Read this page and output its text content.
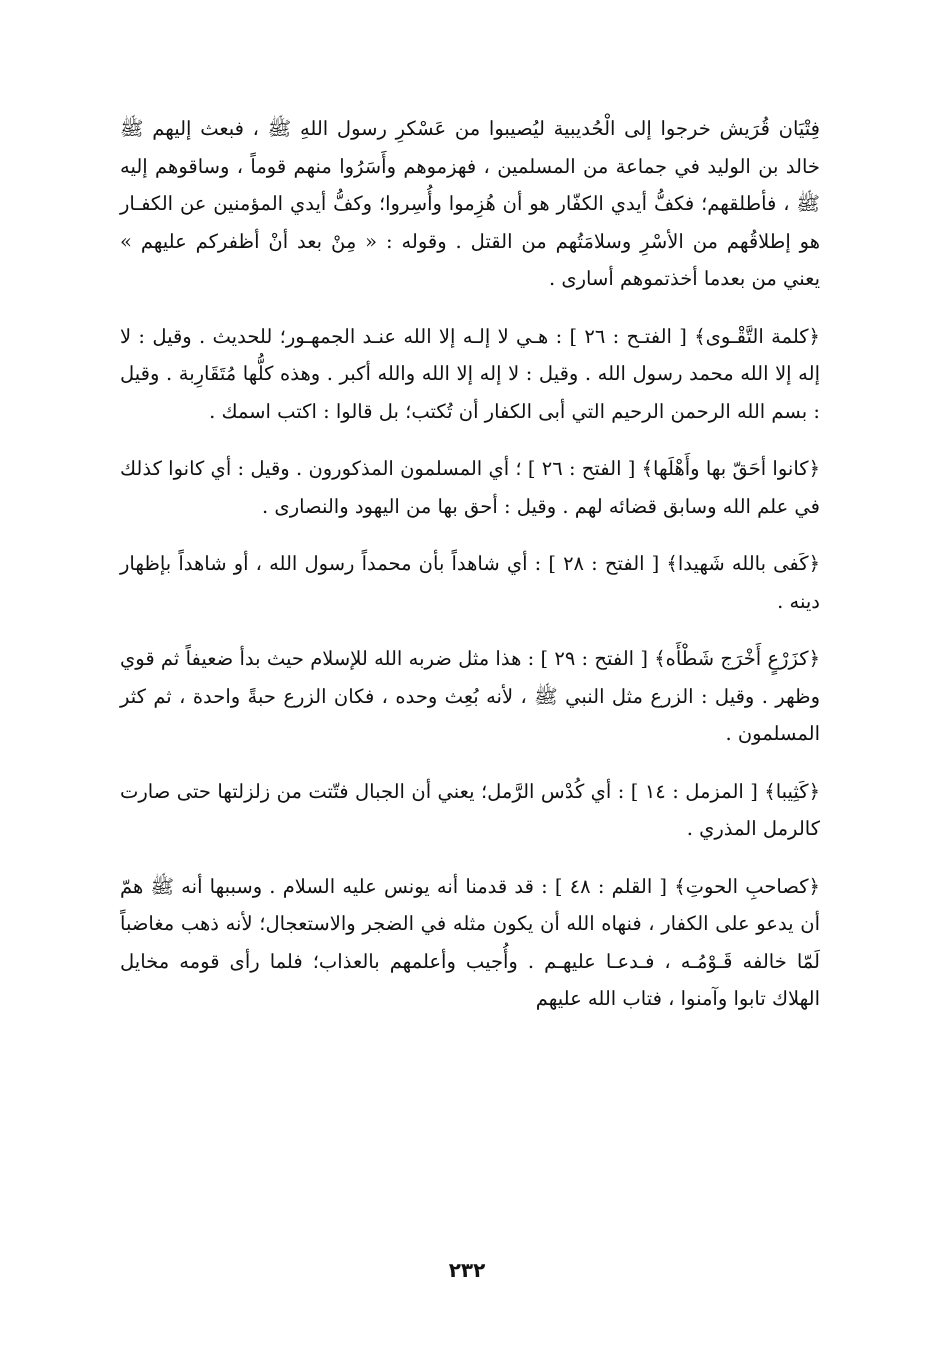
فِتْيَان قُرَيش خرجوا إلى الْحُديبية ليُصيبوا من عَسْكرِ رسول اللهِ ﷺ ، فبعث إليهم ﷺ خالد بن الوليد في جماعة من المسلمين ، فهزموهم وأَسَرُوا منهم قوماً ، وساقوهم إليه ﷺ ، فأطلقهم؛ فكفُّ أيدي الكفّار هو أن هُزِموا وأُسِروا؛ وكفُّ أيدي المؤمنين عن الكفـار هو إطلاقُهم من الأسْرِ وسلامَتُهم من القتل . وقوله : « مِنْ بعد أنْ أظفركم عليهم » يعني من بعدما أخذتموهم أسارى .

﴿كلمة التَّقْـوى﴾ [ الفتـح : ٢٦ ] : هـي لا إلـه إلا الله عنـد الجمهـور؛ للحديث . وقيل : لا إله إلا الله محمد رسول الله . وقيل : لا إله إلا الله والله أكبر . وهذه كلُّها مُتَقَارِبة . وقيل : بسم الله الرحمن الرحيم التي أبى الكفار أن تُكتب؛ بل قالوا : اكتب اسمك .

﴿كانوا أحَقّ بها وأَهْلَها﴾ [ الفتح : ٢٦ ] ؛ أي المسلمون المذكورون . وقيل : أي كانوا كذلك في علم الله وسابق قضائه لهم . وقيل : أحق بها من اليهود والنصارى .

﴿كَفى بالله شَهيدا﴾ [ الفتح : ٢٨ ] : أي شاهداً بأن محمداً رسول الله ، أو شاهداً بإظهار دينه .

﴿كزَرْعٍ أَخْرَج شَطْأَه﴾ [ الفتح : ٢٩ ] : هذا مثل ضربه الله للإسلام حيث بدأ ضعيفاً ثم قوي وظهر . وقيل : الزرع مثل النبي ﷺ ، لأنه بُعِث وحده ، فكان الزرع حبةً واحدة ، ثم كثر المسلمون .

﴿كَثِيبا﴾ [ المزمل : ١٤ ] : أي كُدْس الرَّمل؛ يعني أن الجبال فتّتت من زلزلتها حتى صارت كالرمل المذري .

﴿كصاحبِ الحوتِ﴾ [ القلم : ٤٨ ] : قد قدمنا أنه يونس عليه السلام . وسببها أنه ﷺ همّ أن يدعو على الكفار ، فنهاه الله أن يكون مثله في الضجر والاستعجال؛ لأنه ذهب مغاضباً لَمّا خالفه قَـوْمُـه ، فـدعـا عليهـم . وأُجيب وأعلمهم بالعذاب؛ فلما رأى قومه مخايل الهلاك تابوا وآمنوا ، فتاب الله عليهم

٢٣٢
